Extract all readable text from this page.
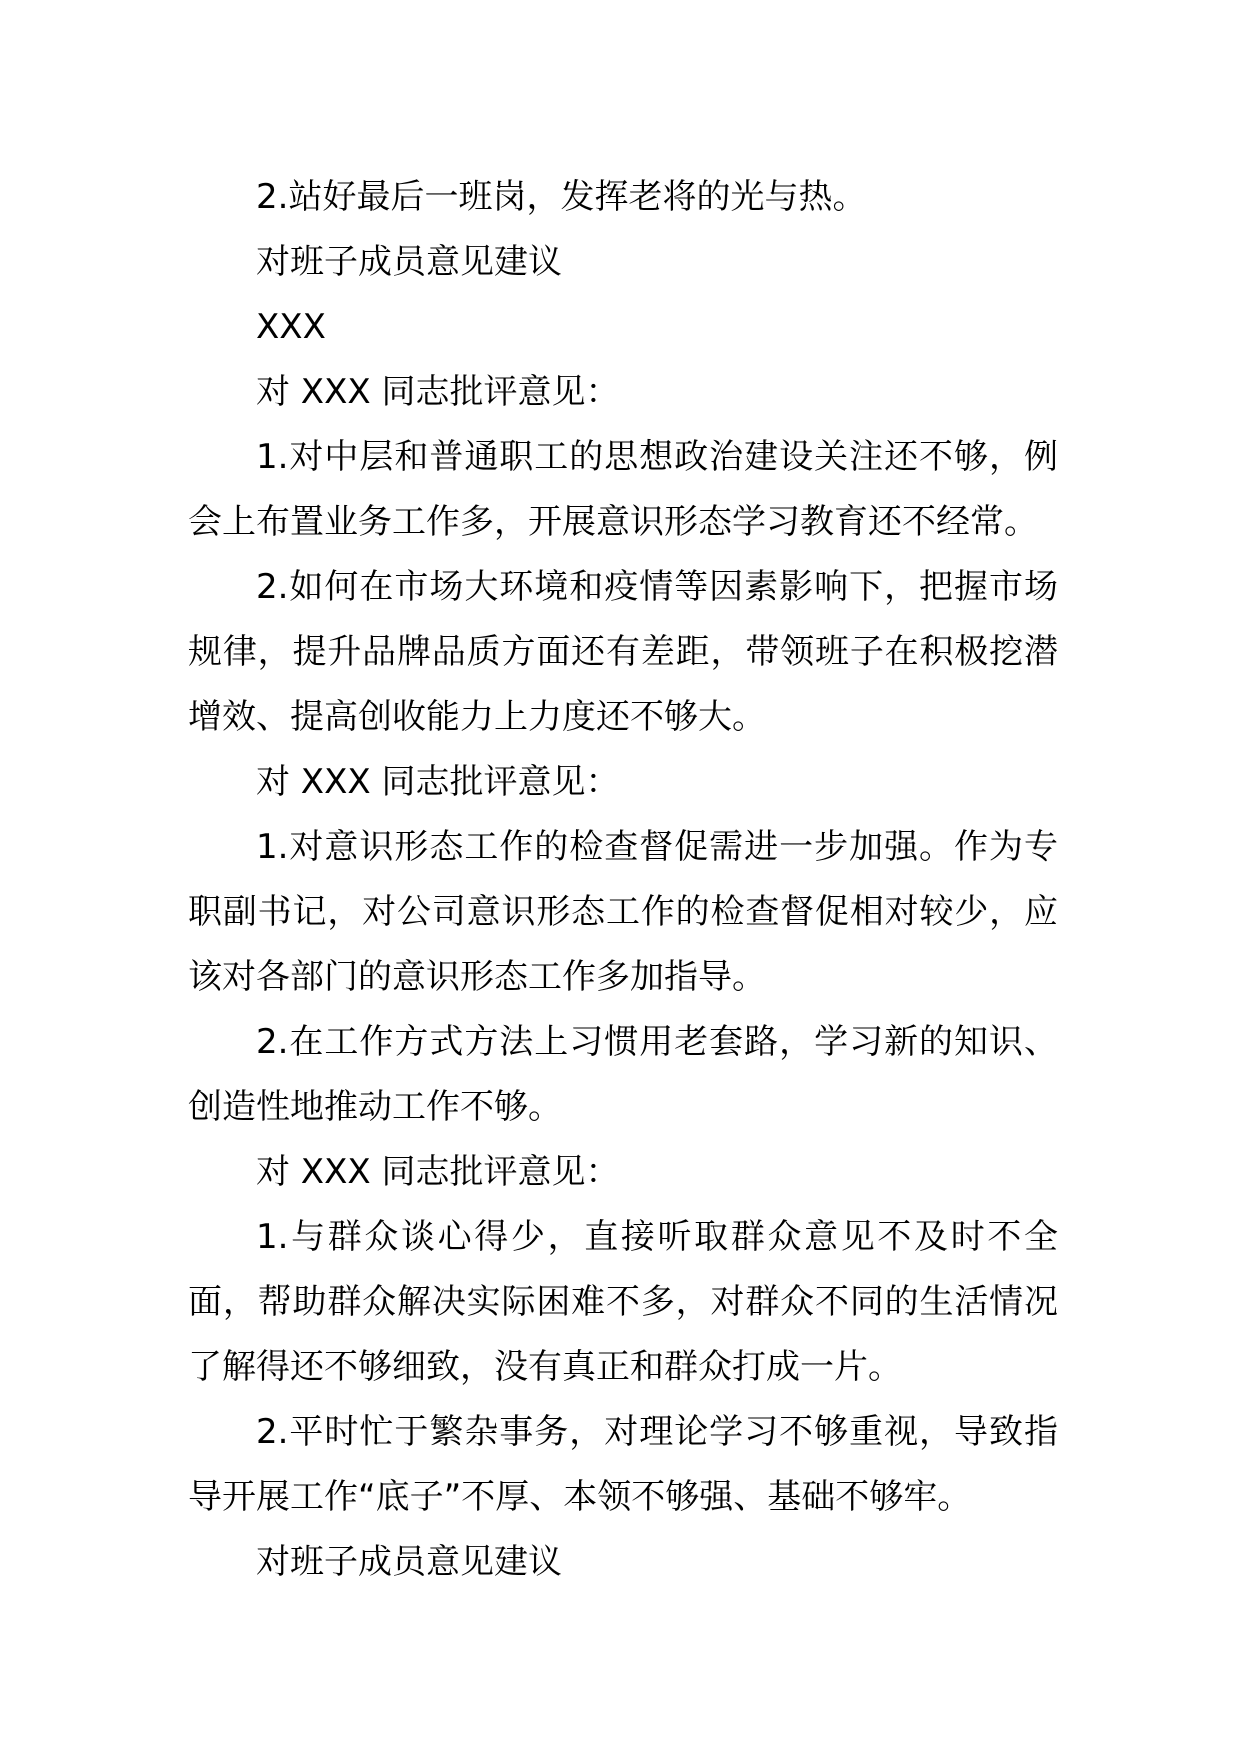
2.站好最后一班岗，发挥老将的光与热。

对班子成员意见建议

XXX

对 XXX 同志批评意见：

1.对中层和普通职工的思想政治建设关注还不够，例会上布置业务工作多，开展意识形态学习教育还不经常。

2.如何在市场大环境和疫情等因素影响下，把握市场规律，提升品牌品质方面还有差距，带领班子在积极挖潜增效、提高创收能力上力度还不够大。

对 XXX 同志批评意见：

1.对意识形态工作的检查督促需进一步加强。作为专职副书记，对公司意识形态工作的检查督促相对较少，应该对各部门的意识形态工作多加指导。

2.在工作方式方法上习惯用老套路，学习新的知识、创造性地推动工作不够。

对 XXX 同志批评意见：

1.与群众谈心得少，直接听取群众意见不及时不全面，帮助群众解决实际困难不多，对群众不同的生活情况了解得还不够细致，没有真正和群众打成一片。

2.平时忙于繁杂事务，对理论学习不够重视，导致指导开展工作“底子”不厚、本领不够强、基础不够牢。

对班子成员意见建议
